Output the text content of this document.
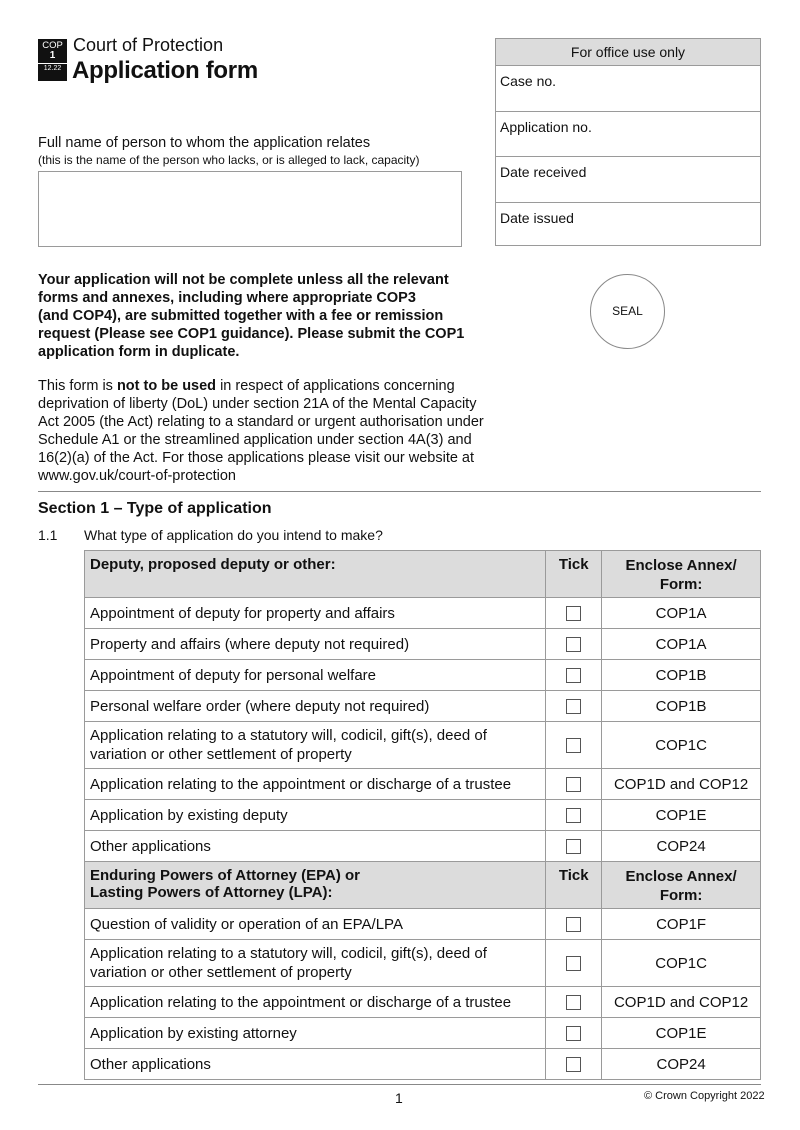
COP
1
12.22
Court of Protection
Application form
For office use only
Case no.
Application no.
Date received
Date issued
Full name of person to whom the application relates
(this is the name of the person who lacks, or is alleged to lack, capacity)
SEAL
Your application will not be complete unless all the relevant
forms and annexes, including where appropriate COP3
(and COP4), are submitted together with a fee or remission
request (Please see COP1 guidance). Please submit the COP1
application form in duplicate.
This form is not to be used in respect of applications concerning
deprivation of liberty (DoL) under section 21A of the Mental Capacity
Act 2005 (the Act) relating to a standard or urgent authorisation under
Schedule A1 or the streamlined application under section 4A(3) and
16(2)(a) of the Act. For those applications please visit our website at
www.gov.uk/court-of-protection
Section 1 – Type of application
1.1 What type of application do you intend to make?
Deputy, proposed deputy or other:	Tick	Enclose Annex/
Form:
Appointment of deputy for property and affairs		COP1A
Property and affairs (where deputy not required)		COP1A
Appointment of deputy for personal welfare		COP1B
Personal welfare order (where deputy not required)		COP1B
Application relating to a statutory will, codicil, gift(s), deed of
variation or other settlement of property		COP1C
Application relating to the appointment or discharge of a trustee		COP1D and COP12
Application by existing deputy		COP1E
Other applications		COP24
Enduring Powers of Attorney (EPA) or
Lasting Powers of Attorney (LPA):	Tick	Enclose Annex/
Form:
Question of validity or operation of an EPA/LPA		COP1F
Application relating to a statutory will, codicil, gift(s), deed of
variation or other settlement of property		COP1C
Application relating to the appointment or discharge of a trustee		COP1D and COP12
Application by existing attorney		COP1E
Other applications		COP24
1	© Crown Copyright 2022
